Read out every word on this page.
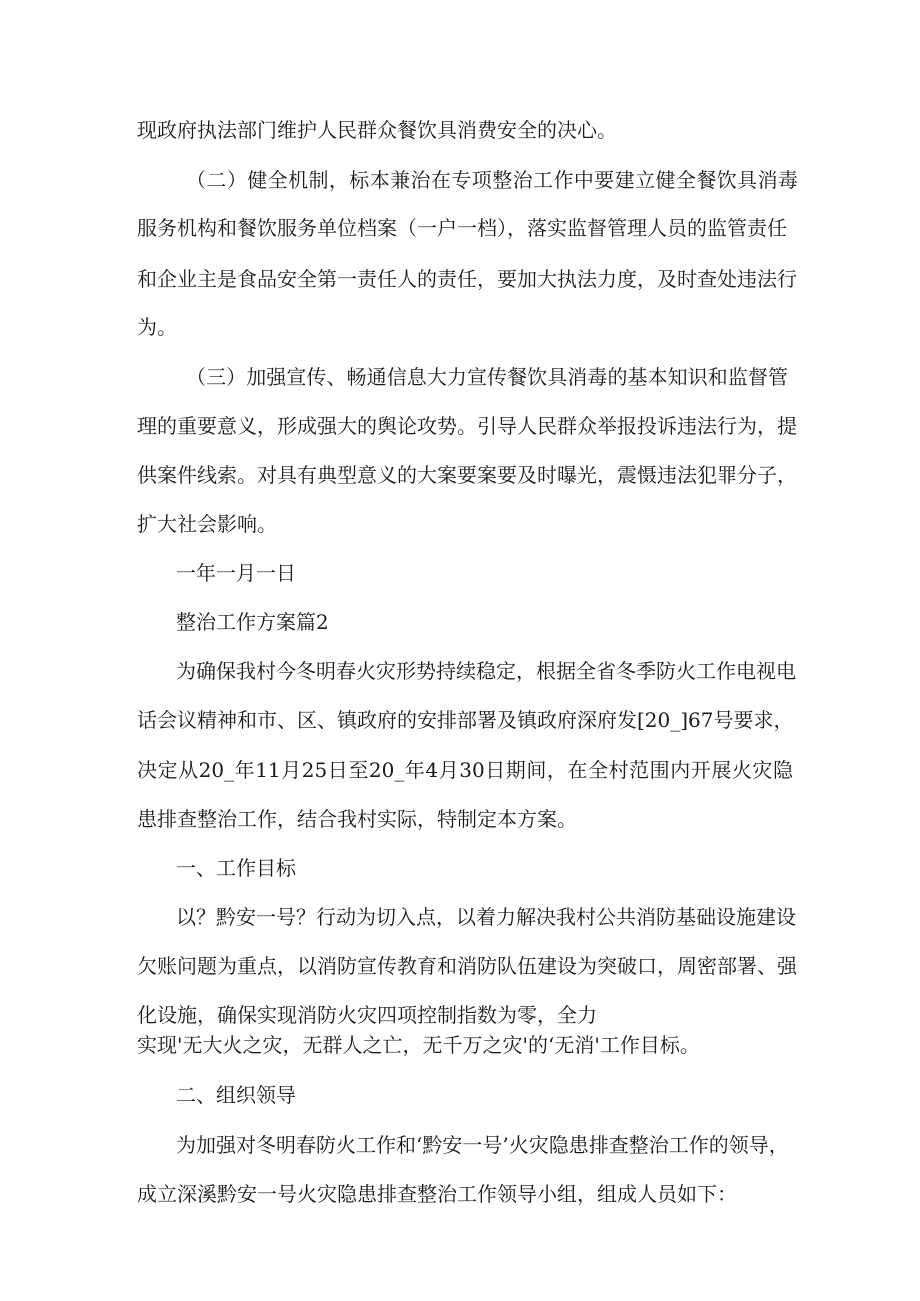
现政府执法部门维护人民群众餐饮具消费安全的决心。
（二）健全机制，标本兼治在专项整治工作中要建立健全餐饮具消毒
服务机构和餐饮服务单位档案（一户一档），落实监督管理人员的监管责任
和企业主是食品安全第一责任人的责任，要加大执法力度，及时查处违法行
为。
（三）加强宣传、畅通信息大力宣传餐饮具消毒的基本知识和监督管
理的重要意义，形成强大的舆论攻势。引导人民群众举报投诉违法行为，提
供案件线索。对具有典型意义的大案要案要及时曝光，震慑违法犯罪分子，
扩大社会影响。
一年一月一日
整治工作方案篇2
为确保我村今冬明春火灾形势持续稳定，根据全省冬季防火工作电视电
话会议精神和市、区、镇政府的安排部署及镇政府深府发[20_]67号要求，
决定从20_年11月25日至20_年4月30日期间，在全村范围内开展火灾隐
患排查整治工作，结合我村实际，特制定本方案。
一、工作目标
以？黔安一号？行动为切入点，以着力解决我村公共消防基础设施建设
欠账问题为重点，以消防宣传教育和消防队伍建设为突破口，周密部署、强
化设施，确保实现消防火灾四项控制指数为零，全力
实现'无大火之灾，无群人之亡，无千万之灾'的‘无消'工作目标。
二、组织领导
为加强对冬明春防火工作和‘黔安一号’火灾隐患排查整治工作的领导，
成立深溪黔安一号火灾隐患排查整治工作领导小组，组成人员如下：
